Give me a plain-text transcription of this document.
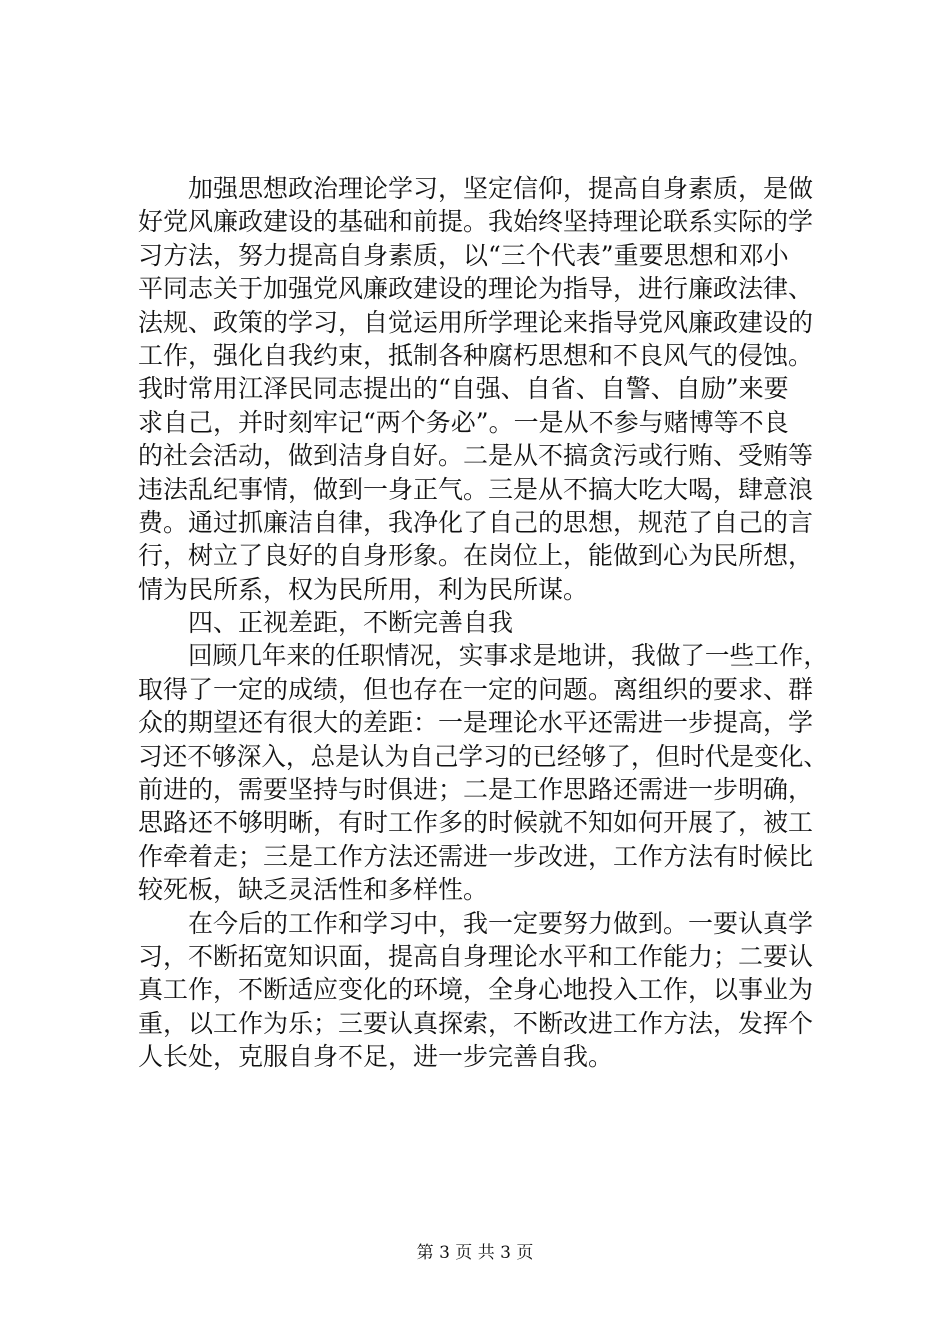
加强思想政治理论学习，坚定信仰，提高自身素质，是做
好党风廉政建设的基础和前提。我始终坚持理论联系实际的学
习方法，努力提高自身素质，以“三个代表”重要思想和邓小
平同志关于加强党风廉政建设的理论为指导，进行廉政法律、
法规、政策的学习，自觉运用所学理论来指导党风廉政建设的
工作，强化自我约束，抵制各种腐朽思想和不良风气的侵蚀。
我时常用江泽民同志提出的“自强、自省、自警、自励”来要
求自己，并时刻牢记“两个务必”。一是从不参与赌博等不良
的社会活动，做到洁身自好。二是从不搞贪污或行贿、受贿等
违法乱纪事情，做到一身正气。三是从不搞大吃大喝，肆意浪
费。通过抓廉洁自律，我净化了自己的思想，规范了自己的言
行，树立了良好的自身形象。在岗位上，能做到心为民所想，
情为民所系，权为民所用，利为民所谋。
四、正视差距，不断完善自我
回顾几年来的任职情况，实事求是地讲，我做了一些工作，
取得了一定的成绩，但也存在一定的问题。离组织的要求、群
众的期望还有很大的差距：一是理论水平还需进一步提高，学
习还不够深入，总是认为自己学习的已经够了，但时代是变化、
前进的，需要坚持与时俱进；二是工作思路还需进一步明确，
思路还不够明晰，有时工作多的时候就不知如何开展了，被工
作牵着走；三是工作方法还需进一步改进，工作方法有时候比
较死板，缺乏灵活性和多样性。
在今后的工作和学习中，我一定要努力做到。一要认真学
习，不断拓宽知识面，提高自身理论水平和工作能力；二要认
真工作，不断适应变化的环境，全身心地投入工作，以事业为
重，以工作为乐；三要认真探索，不断改进工作方法，发挥个
人长处，克服自身不足，进一步完善自我。
第 3 页 共 3 页
